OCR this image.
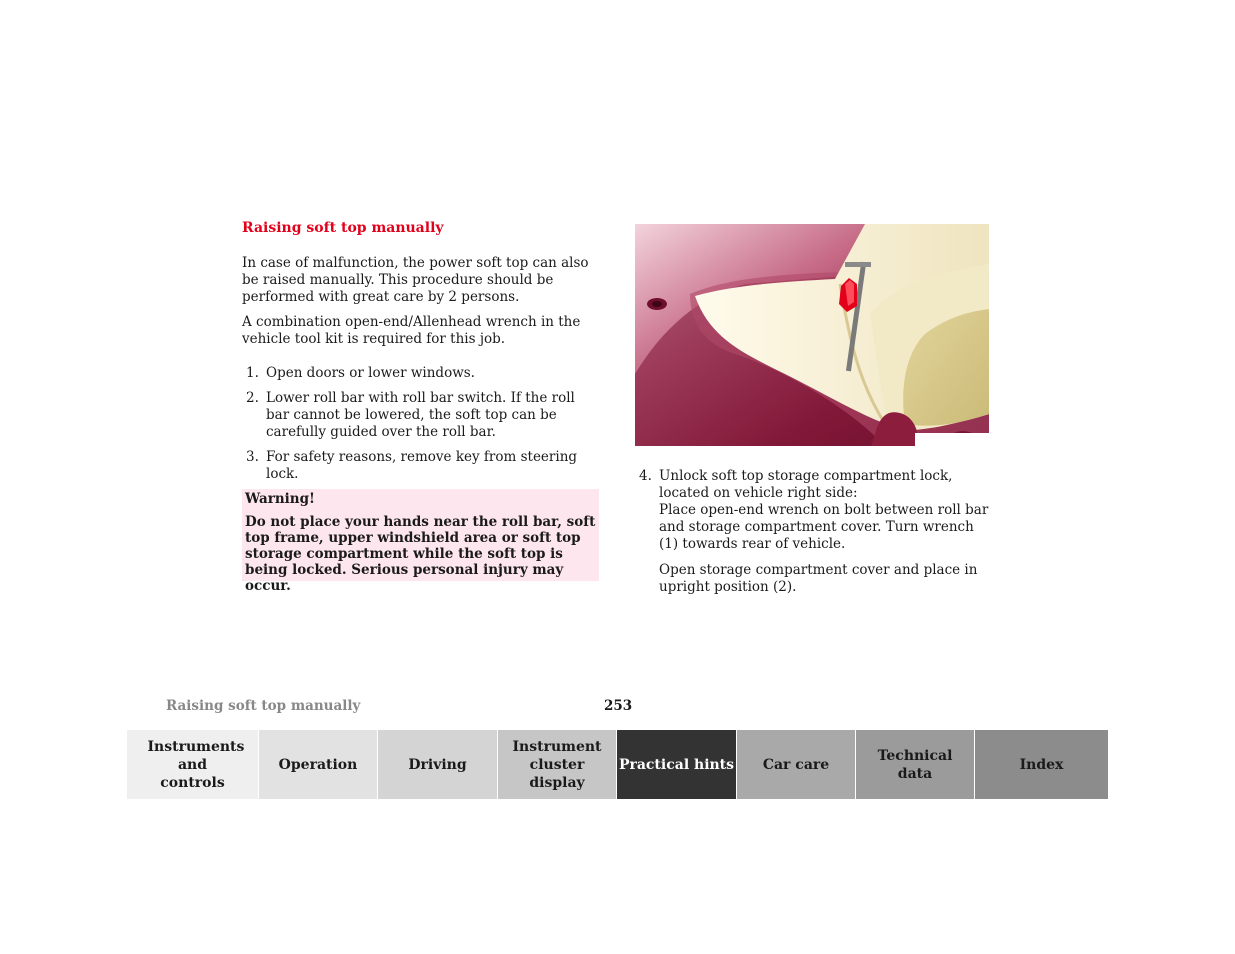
Raising soft top manually
In case of malfunction, the power soft top can also be raised manually. This procedure should be performed with great care by 2 persons.
A combination open-end/Allenhead wrench in the vehicle tool kit is required for this job.
1. Open doors or lower windows.
2. Lower roll bar with roll bar switch. If the roll bar cannot be lowered, the soft top can be carefully guided over the roll bar.
3. For safety reasons, remove key from steering lock.
Warning!
Do not place your hands near the roll bar, soft top frame, upper windshield area or soft top storage compartment while the soft top is being locked. Serious personal injury may occur.
4. Unlock soft top storage compartment lock, located on vehicle right side:
Place open-end wrench on bolt between roll bar and storage compartment cover. Turn wrench (1) towards rear of vehicle.

Open storage compartment cover and place in upright position (2).

Raising soft top manually	253
Instruments and controls
Operation	Driving
Instrument cluster display
Practical hints Car care
Technical data
Index
